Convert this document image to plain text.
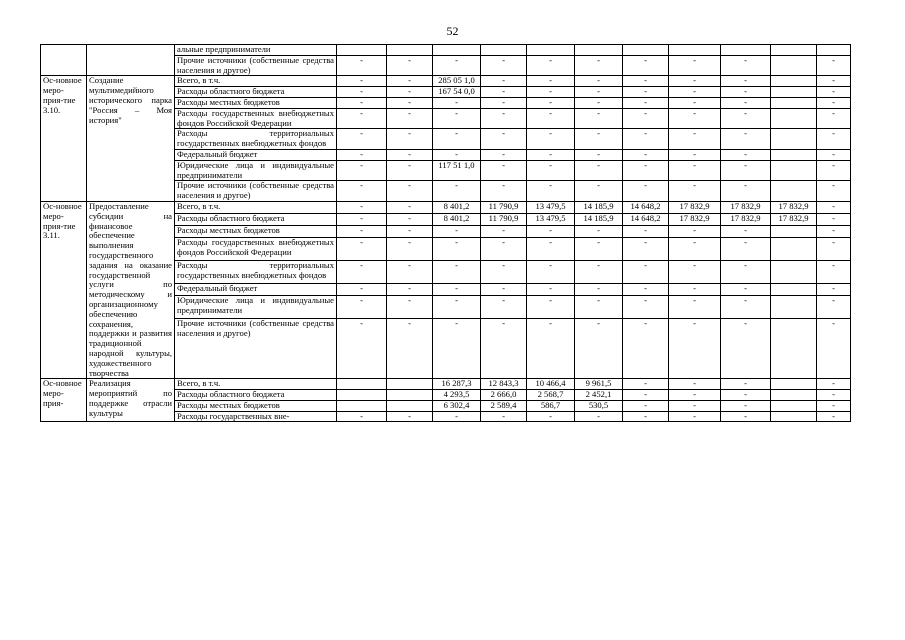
52
		альные предприниматели											
		Прочие источники (собственные средства населения и другое)	-	-	-	-	-	-	-	-	-		-
Ос-новное меро-прия-тие 3.10.	Создание мультимедийного исторического парка "Россия – Моя история"	Всего, в т.ч.	-	-	285 05 1,0	-	-	-	-	-	-		-
		Расходы областного бюджета	-	-	167 54 0,0	-	-	-	-	-	-		-
		Расходы местных бюджетов	-	-	-	-	-	-	-	-	-		-
		Расходы государственных внебюджетных фондов Российской Федерации	-	-	-	-	-	-	-	-	-		-
		Расходы территориальных государственных внебюджетных фондов	-	-	-	-	-	-	-	-	-		-
		Федеральный бюджет	-	-	-	-	-	-	-	-	-		-
		Юридические лица и индивидуальные предприниматели	-	-	117 51 1,0	-	-	-	-	-	-		-
		Прочие источники (собственные средства населения и другое)	-	-	-	-	-	-	-	-	-		-
Ос-новное меро-прия-тие 3.11.	Предоставление субсидии на финансовое обеспечение выполнения государственного задания на оказание государственной услуги по методическому и организационному обеспечению сохранения, поддержки и развития традиционной народной культуры, художественного творчества	Всего, в т.ч.	-	-	8 401,2	11 790,9	13 479,5	14 185,9	14 648,2	17 832,9	17 832,9	17 832,9	-
		Расходы областного бюджета	-	-	8 401,2	11 790,9	13 479,5	14 185,9	14 648,2	17 832,9	17 832,9	17 832,9	-
		Расходы местных бюджетов	-	-	-	-	-	-	-	-	-		-
		Расходы государственных внебюджетных фондов Российской Федерации	-	-	-	-	-	-	-	-	-		-
		Расходы территориальных государственных внебюджетных фондов	-	-	-	-	-	-	-	-	-		-
		Федеральный бюджет	-	-	-	-	-	-	-	-	-		-
		Юридические лица и индивидуальные предприниматели	-	-	-	-	-	-	-	-	-		-
		Прочие источники (собственные средства населения и другое)	-	-	-	-	-	-	-	-	-		-
Ос-новное меро-прия-	Реализация мероприятий по поддержке отрасли культуры	Всего, в т.ч.			16 287,3	12 843,3	10 466,4	9 961,5	-	-	-		-
		Расходы областного бюджета			4 293,5	2 666,0	2 568,7	2 452,1	-	-	-		-
		Расходы местных бюджетов			6 302,4	2 589,4	586,7	530,5	-	-	-		-
		Расходы государственных вне-	-	-	-	-	-	-	-	-	-		-
